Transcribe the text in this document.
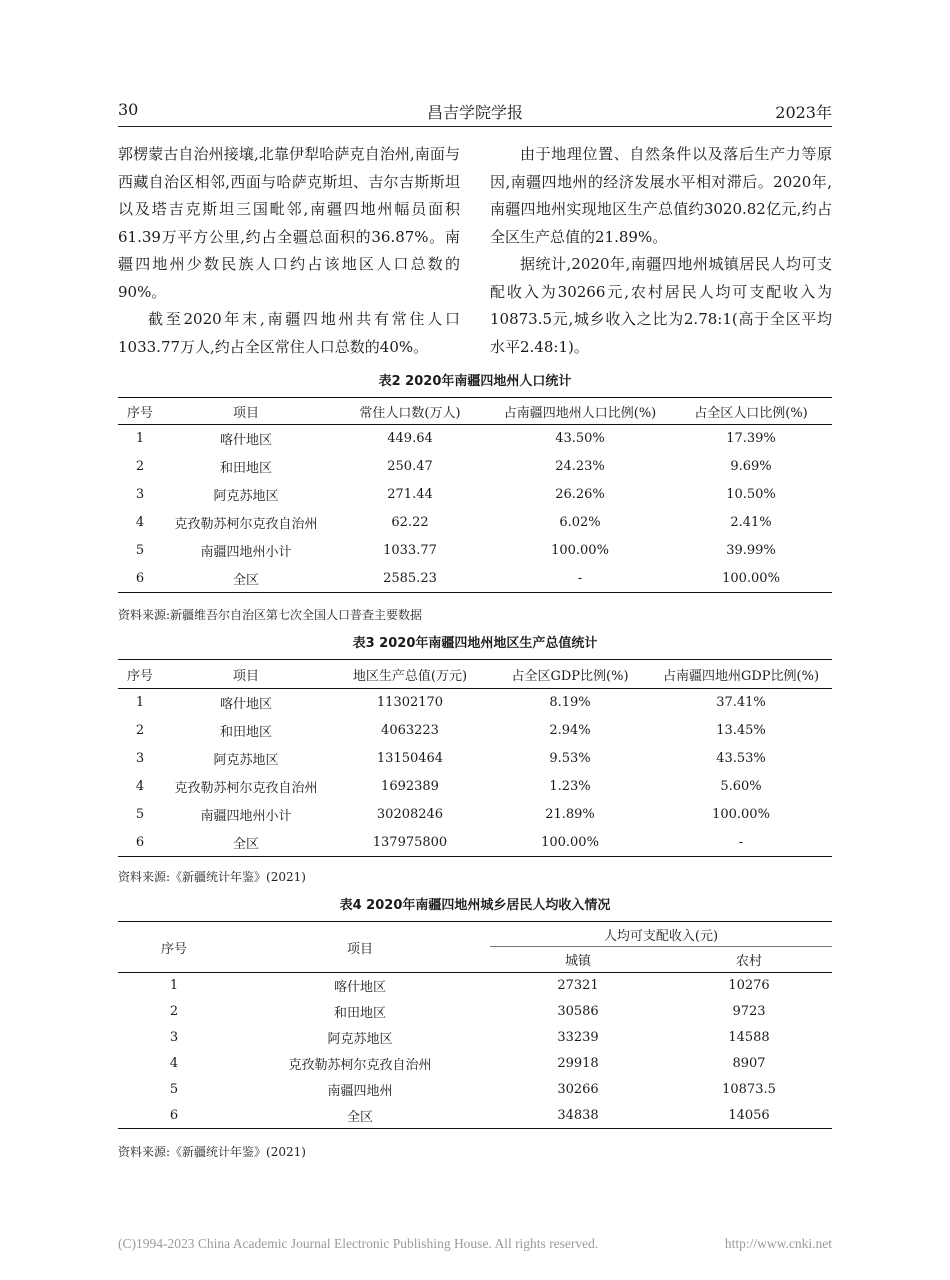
30	昌吉学院学报	2023年

郭楞蒙古自治州接壤,北靠伊犁哈萨克自治州,南面与西藏自治区相邻,西面与哈萨克斯坦、吉尔吉斯斯坦以及塔吉克斯坦三国毗邻,南疆四地州幅员面积61.39万平方公里,约占全疆总面积的36.87%。南疆四地州少数民族人口约占该地区人口总数的90%。

截至2020年末,南疆四地州共有常住人口1033.77万人,约占全区常住人口总数的40%。

由于地理位置、自然条件以及落后生产力等原因,南疆四地州的经济发展水平相对滞后。2020年,南疆四地州实现地区生产总值约3020.82亿元,约占全区生产总值的21.89%。

据统计,2020年,南疆四地州城镇居民人均可支配收入为30266元,农村居民人均可支配收入为10873.5元,城乡收入之比为2.78:1(高于全区平均水平2.48:1)。

表2 2020年南疆四地州人口统计
序号	项目	常住人口数(万人)	占南疆四地州人口比例(%)	占全区人口比例(%)
1	喀什地区	449.64	43.50%	17.39%
2	和田地区	250.47	24.23%	9.69%
3	阿克苏地区	271.44	26.26%	10.50%
4	克孜勒苏柯尔克孜自治州	62.22	6.02%	2.41%
5	南疆四地州小计	1033.77	100.00%	39.99%
6	全区	2585.23	-	100.00%
资料来源:新疆维吾尔自治区第七次全国人口普查主要数据
表3 2020年南疆四地州地区生产总值统计
序号	项目	地区生产总值(万元)	占全区GDP比例(%)	占南疆四地州GDP比例(%)
1	喀什地区	11302170	8.19%	37.41%
2	和田地区	4063223	2.94%	13.45%
3	阿克苏地区	13150464	9.53%	43.53%
4	克孜勒苏柯尔克孜自治州	1692389	1.23%	5.60%
5	南疆四地州小计	30208246	21.89%	100.00%
6	全区	137975800	100.00%	-
资料来源:《新疆统计年鉴》(2021)
表4 2020年南疆四地州城乡居民人均收入情况
序号	项目	人均可支配收入(元)	
		城镇	农村
1	喀什地区	27321	10276
2	和田地区	30586	9723
3	阿克苏地区	33239	14588
4	克孜勒苏柯尔克孜自治州	29918	8907
5	南疆四地州	30266	10873.5
6	全区	34838	14056
资料来源:《新疆统计年鉴》(2021)
(C)1994-2023 China Academic Journal Electronic Publishing House. All rights reserved.	http://www.cnki.net
